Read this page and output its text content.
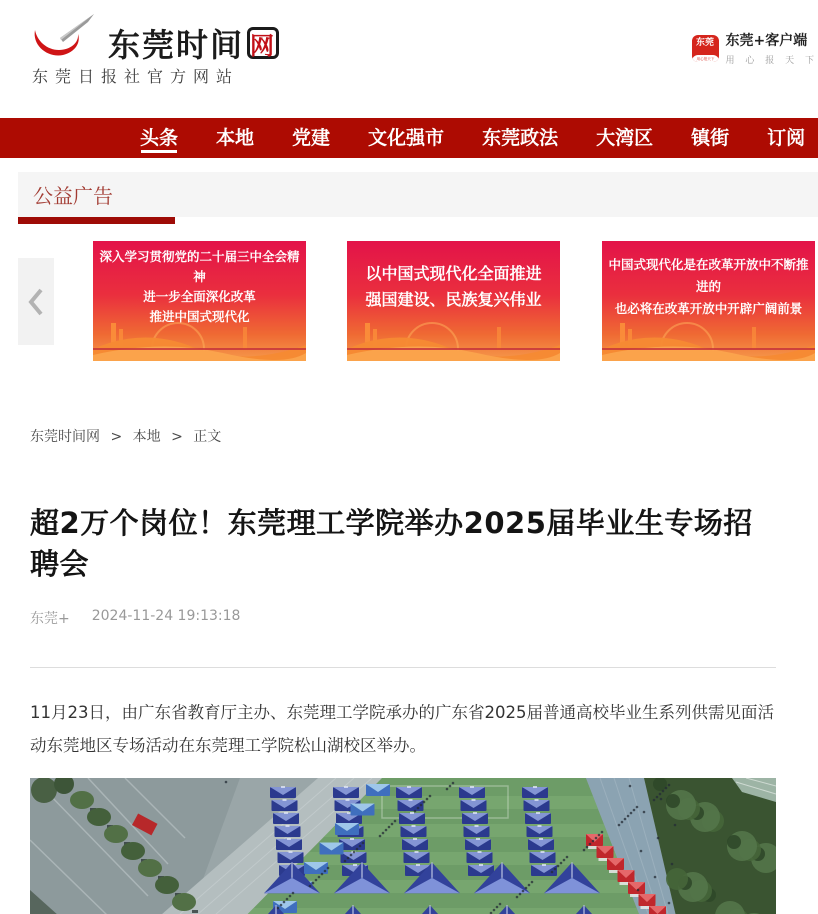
东莞时间 网
东莞日报社官方网站
东莞
用心报天下
东莞+客户端
用 心 报 天 下
头条 本地 党建 文化强市 东莞政法 大湾区 镇街 订阅
公益广告
深入学习贯彻党的二十届三中全会精神
进一步全面深化改革
推进中国式现代化
以中国式现代化全面推进
强国建设、民族复兴伟业
中国式现代化是在改革开放中不断推进的
也必将在改革开放中开辟广阔前景
东莞时间网 > 本地 > 正文
超2万个岗位！东莞理工学院举办2025届毕业生专场招聘会
东莞+ 2024-11-24 19:13:18

11月23日，由广东省教育厅主办、东莞理工学院承办的广东省2025届普通高校毕业生系列供需见面活动东莞地区专场活动在东莞理工学院松山湖校区举办。
